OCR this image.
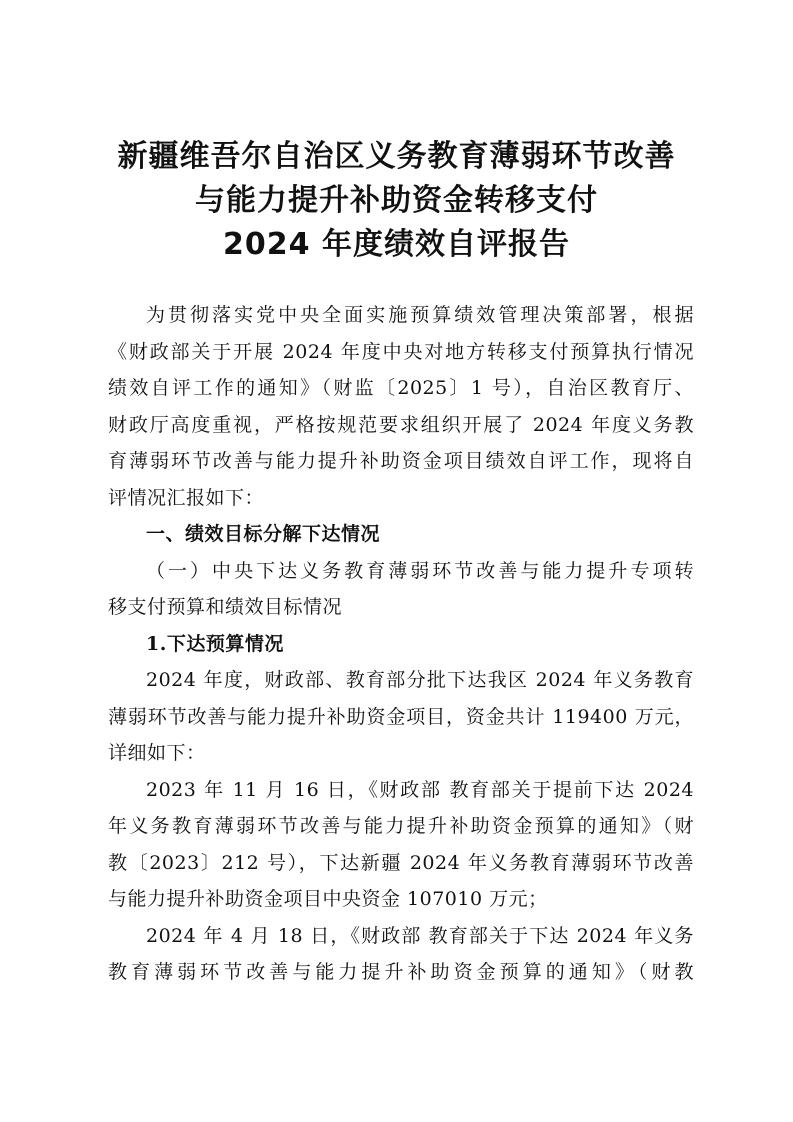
新疆维吾尔自治区义务教育薄弱环节改善
与能力提升补助资金转移支付
2024 年度绩效自评报告
为贯彻落实党中央全面实施预算绩效管理决策部署，根据
《财政部关于开展 2024 年度中央对地方转移支付预算执行情况
绩效自评工作的通知》（财监〔2025〕1 号），自治区教育厅、
财政厅高度重视，严格按规范要求组织开展了 2024 年度义务教
育薄弱环节改善与能力提升补助资金项目绩效自评工作，现将自
评情况汇报如下：
一、绩效目标分解下达情况
（一）中央下达义务教育薄弱环节改善与能力提升专项转
移支付预算和绩效目标情况
1.下达预算情况
2024 年度，财政部、教育部分批下达我区 2024 年义务教育
薄弱环节改善与能力提升补助资金项目，资金共计 119400 万元，
详细如下：
2023 年 11 月 16 日，《财政部 教育部关于提前下达 2024
年义务教育薄弱环节改善与能力提升补助资金预算的通知》（财
教〔2023〕212 号），下达新疆 2024 年义务教育薄弱环节改善
与能力提升补助资金项目中央资金 107010 万元；
2024 年 4 月 18 日，《财政部 教育部关于下达 2024 年义务
教育薄弱环节改善与能力提升补助资金预算的通知》（财教
